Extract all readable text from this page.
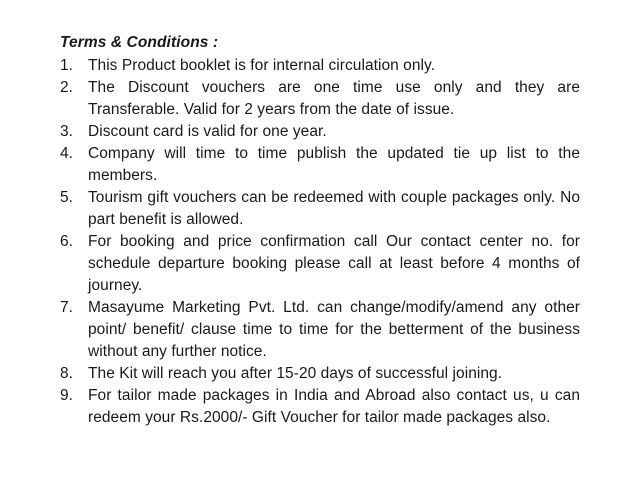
Terms & Conditions :
1. This Product booklet is for internal circulation only.
2. The Discount vouchers are one time use only and they are Transferable. Valid for 2 years from the date of issue.
3. Discount card is valid for one year.
4. Company will time to time publish the updated tie up list to the members.
5. Tourism gift vouchers can be redeemed with couple packages only. No part benefit is allowed.
6. For booking and price confirmation call Our contact center no. for schedule departure booking please call at least before 4 months of journey.
7. Masayume Marketing Pvt. Ltd. can change/modify/amend any other point/ benefit/ clause time to time for the betterment of the business without any further notice.
8. The Kit will reach you after 15-20 days of successful joining.
9. For tailor made packages in India and Abroad also contact us, u can redeem your Rs.2000/- Gift Voucher for tailor made packages also.
